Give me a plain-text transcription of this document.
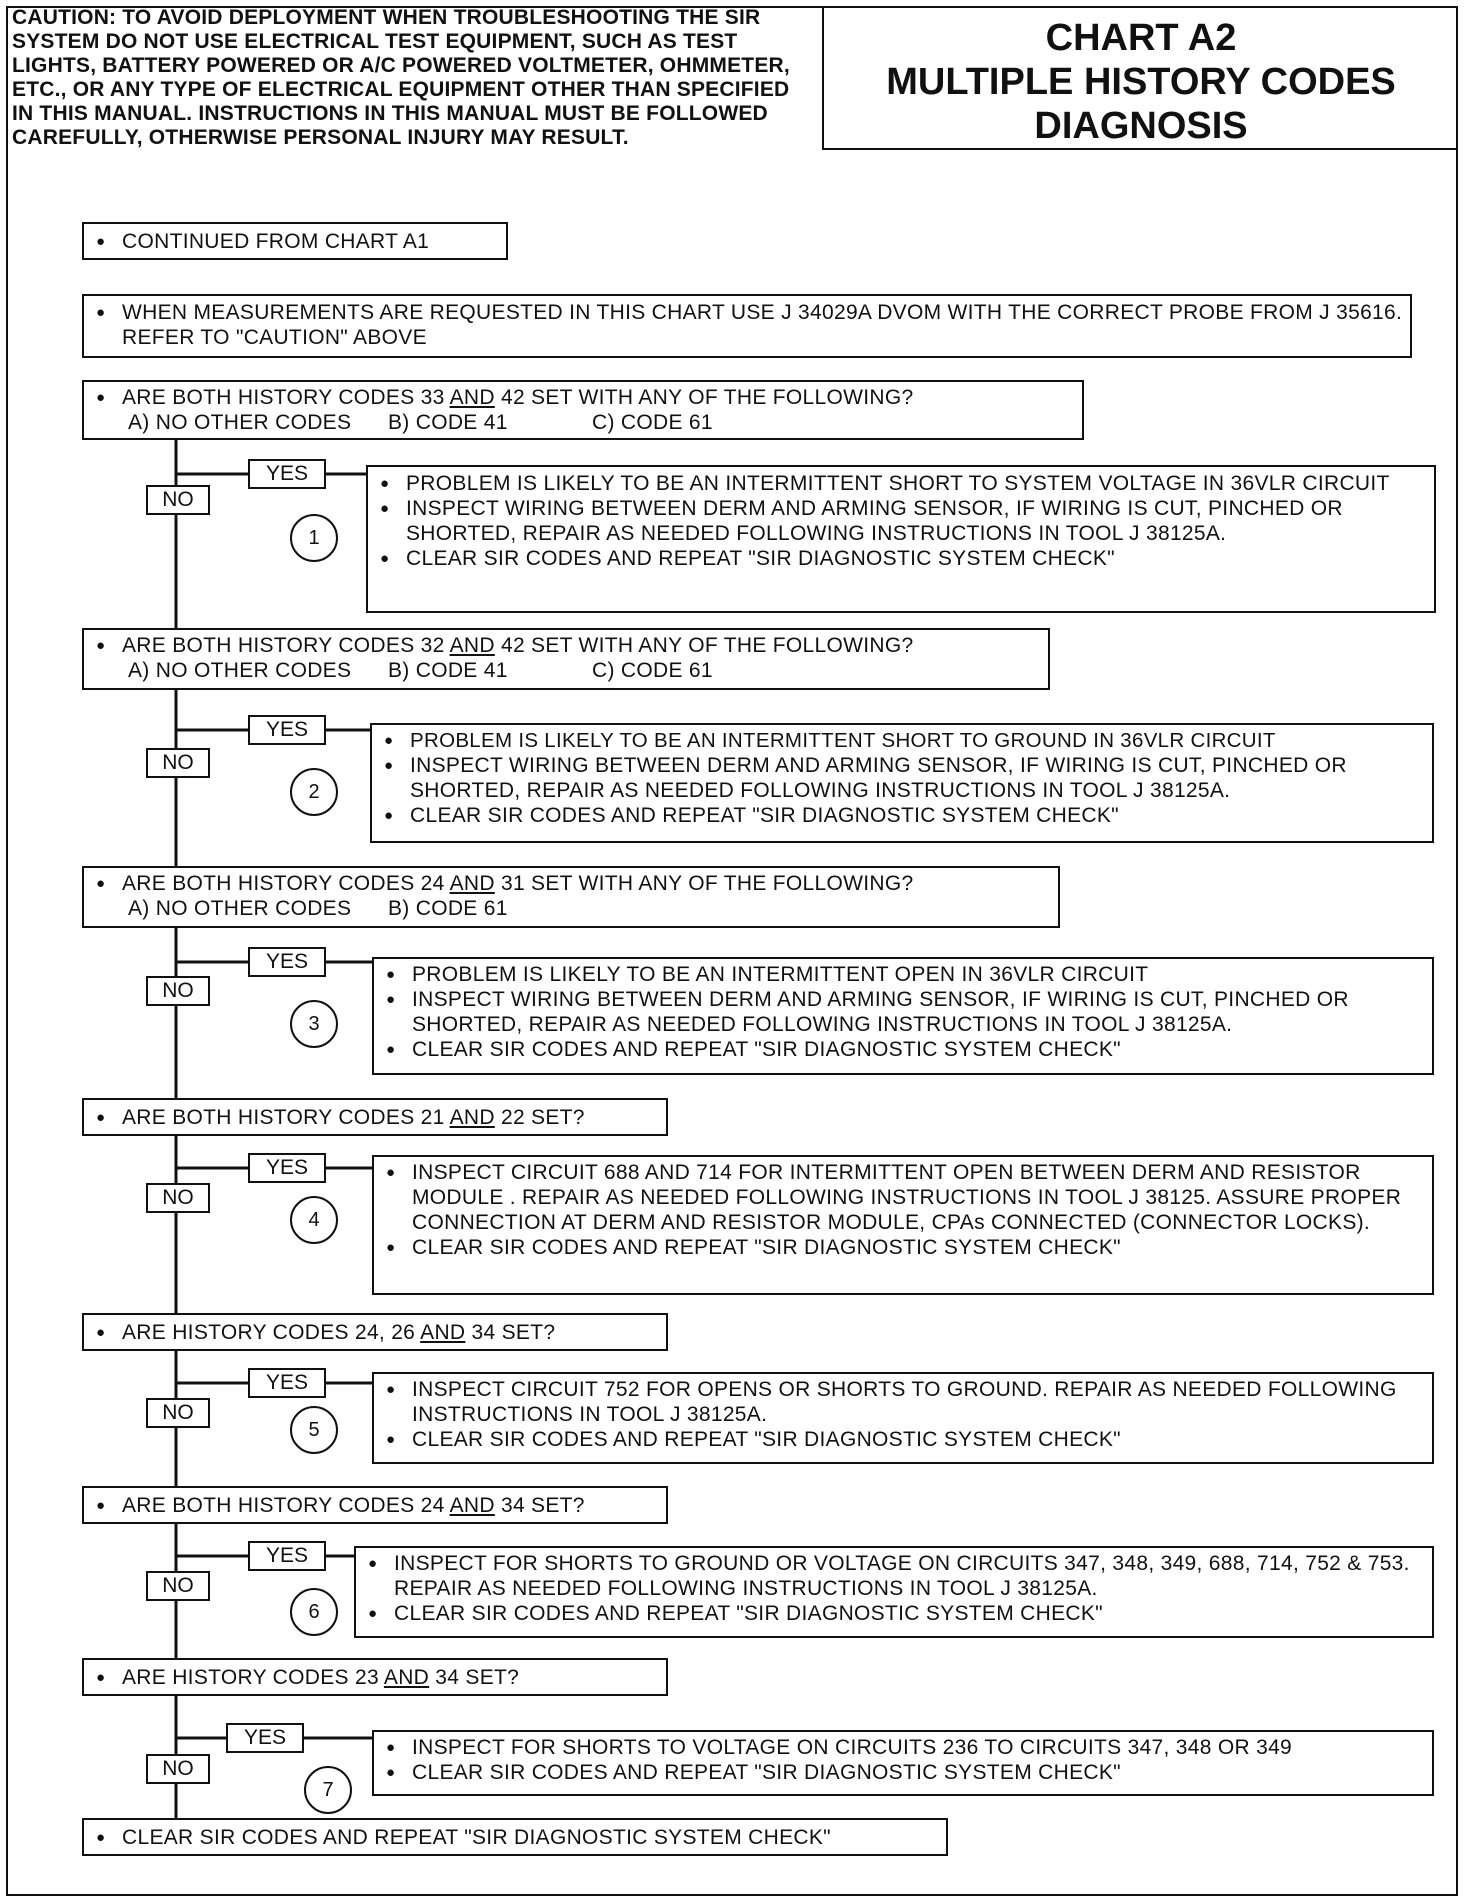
CAUTION: TO AVOID DEPLOYMENT WHEN TROUBLESHOOTING THE SIR SYSTEM DO NOT USE ELECTRICAL TEST EQUIPMENT, SUCH AS TEST LIGHTS, BATTERY POWERED OR A/C POWERED VOLTMETER, OHMMETER, ETC., OR ANY TYPE OF ELECTRICAL EQUIPMENT OTHER THAN SPECIFIED IN THIS MANUAL. INSTRUCTIONS IN THIS MANUAL MUST BE FOLLOWED CAREFULLY, OTHERWISE PERSONAL INJURY MAY RESULT.
CHART A2
MULTIPLE HISTORY CODES
DIAGNOSIS
● CONTINUED FROM CHART A1
● WHEN MEASUREMENTS ARE REQUESTED IN THIS CHART USE J 34029A DVOM WITH THE CORRECT PROBE FROM J 35616. REFER TO "CAUTION" ABOVE
● ARE BOTH HISTORY CODES 33 AND 42 SET WITH ANY OF THE FOLLOWING?
A) NO OTHER CODES B) CODE 41	C) CODE 61
YES
NO
1
● PROBLEM IS LIKELY TO BE AN INTERMITTENT SHORT TO SYSTEM VOLTAGE IN 36VLR CIRCUIT
● INSPECT WIRING BETWEEN DERM AND ARMING SENSOR, IF WIRING IS CUT, PINCHED OR SHORTED, REPAIR AS NEEDED FOLLOWING INSTRUCTIONS IN TOOL J 38125A.
● CLEAR SIR CODES AND REPEAT "SIR DIAGNOSTIC SYSTEM CHECK"
● ARE BOTH HISTORY CODES 32 AND 42 SET WITH ANY OF THE FOLLOWING?
A) NO OTHER CODES B) CODE 41	C) CODE 61
YES
NO
2
● PROBLEM IS LIKELY TO BE AN INTERMITTENT SHORT TO GROUND IN 36VLR CIRCUIT
● INSPECT WIRING BETWEEN DERM AND ARMING SENSOR, IF WIRING IS CUT, PINCHED OR SHORTED, REPAIR AS NEEDED FOLLOWING INSTRUCTIONS IN TOOL J 38125A.
● CLEAR SIR CODES AND REPEAT "SIR DIAGNOSTIC SYSTEM CHECK"
● ARE BOTH HISTORY CODES 24 AND 31 SET WITH ANY OF THE FOLLOWING?
A) NO OTHER CODES B) CODE 61
YES
NO
3
● PROBLEM IS LIKELY TO BE AN INTERMITTENT OPEN IN 36VLR CIRCUIT
● INSPECT WIRING BETWEEN DERM AND ARMING SENSOR, IF WIRING IS CUT, PINCHED OR SHORTED, REPAIR AS NEEDED FOLLOWING INSTRUCTIONS IN TOOL J 38125A.
● CLEAR SIR CODES AND REPEAT "SIR DIAGNOSTIC SYSTEM CHECK"
● ARE BOTH HISTORY CODES 21 AND 22 SET?
YES
NO
4
● INSPECT CIRCUIT 688 AND 714 FOR INTERMITTENT OPEN BETWEEN DERM AND RESISTOR MODULE . REPAIR AS NEEDED FOLLOWING INSTRUCTIONS IN TOOL J 38125. ASSURE PROPER CONNECTION AT DERM AND RESISTOR MODULE, CPAs CONNECTED (CONNECTOR LOCKS).
● CLEAR SIR CODES AND REPEAT "SIR DIAGNOSTIC SYSTEM CHECK"
● ARE HISTORY CODES 24, 26 AND 34 SET?
YES
NO
5
● INSPECT CIRCUIT 752 FOR OPENS OR SHORTS TO GROUND. REPAIR AS NEEDED FOLLOWING INSTRUCTIONS IN TOOL J 38125A.
● CLEAR SIR CODES AND REPEAT "SIR DIAGNOSTIC SYSTEM CHECK"
● ARE BOTH HISTORY CODES 24 AND 34 SET?
YES
NO
6
● INSPECT FOR SHORTS TO GROUND OR VOLTAGE ON CIRCUITS 347, 348, 349, 688, 714, 752 & 753. REPAIR AS NEEDED FOLLOWING INSTRUCTIONS IN TOOL J 38125A.
● CLEAR SIR CODES AND REPEAT "SIR DIAGNOSTIC SYSTEM CHECK"
● ARE HISTORY CODES 23 AND 34 SET?
YES
NO
7
● INSPECT FOR SHORTS TO VOLTAGE ON CIRCUITS 236 TO CIRCUITS 347, 348 OR 349
● CLEAR SIR CODES AND REPEAT "SIR DIAGNOSTIC SYSTEM CHECK"
● CLEAR SIR CODES AND REPEAT "SIR DIAGNOSTIC SYSTEM CHECK"
